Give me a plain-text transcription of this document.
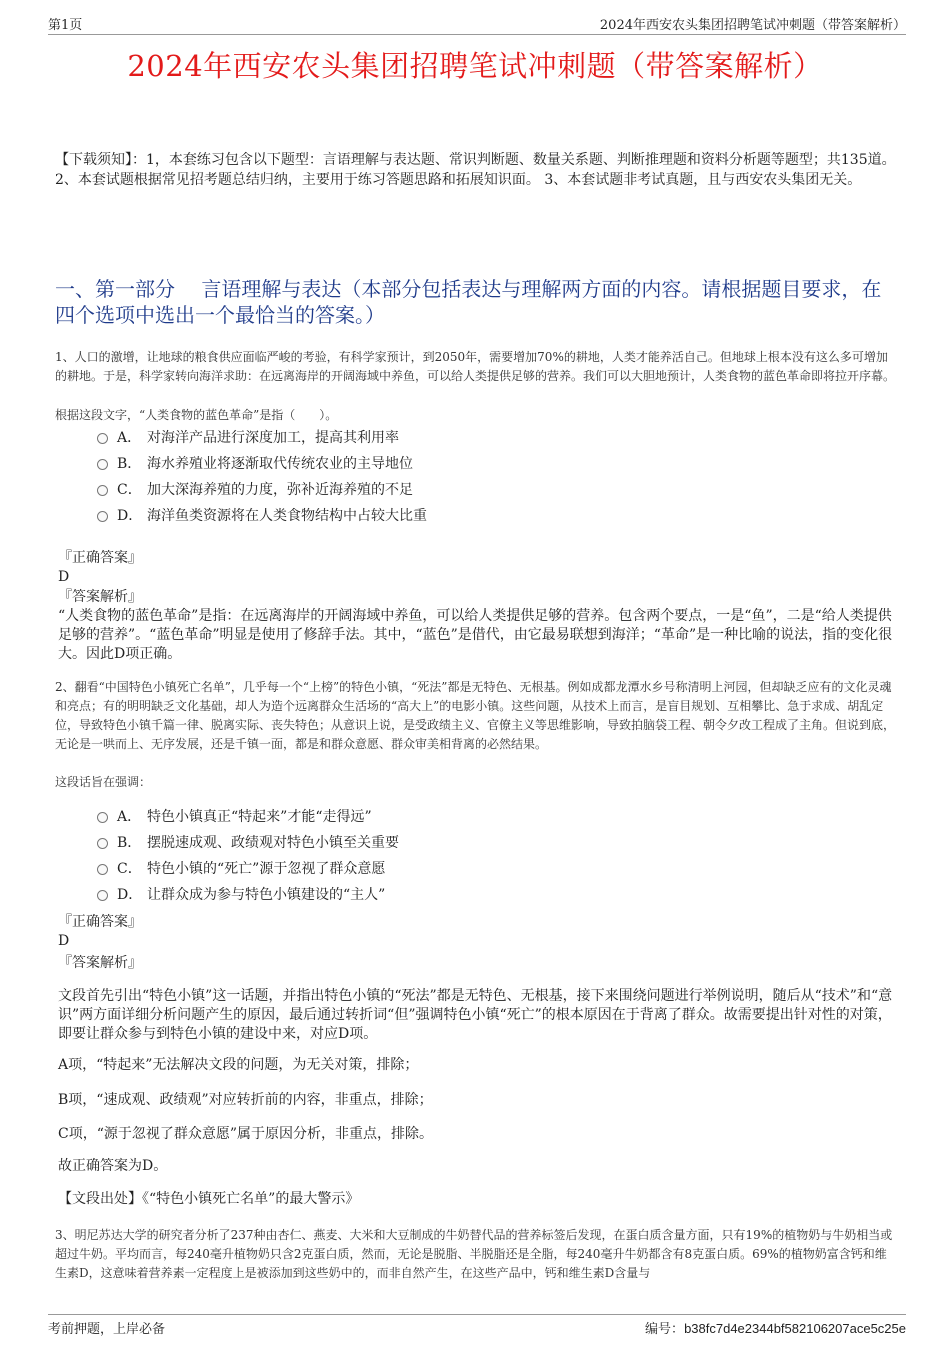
第1页	2024年西安农头集团招聘笔试冲刺题（带答案解析）
2024年西安农头集团招聘笔试冲刺题（带答案解析）
【下载须知】：1，本套练习包含以下题型：言语理解与表达题、常识判断题、数量关系题、判断推理题和资料分析题等题型；共135道。 2、本套试题根据常见招考题总结归纳，主要用于练习答题思路和拓展知识面。 3、本套试题非考试真题，且与西安农头集团无关。
一、第一部分　 言语理解与表达（本部分包括表达与理解两方面的内容。请根据题目要求，在四个选项中选出一个最恰当的答案。）
1、人口的激增，让地球的粮食供应面临严峻的考验，有科学家预计，到2050年，需要增加70%的耕地，人类才能养活自己。但地球上根本没有这么多可增加的耕地。于是，科学家转向海洋求助：在远离海岸的开阔海域中养鱼，可以给人类提供足够的营养。我们可以大胆地预计，人类食物的蓝色革命即将拉开序幕。
根据这段文字，“人类食物的蓝色革命”是指（　　）。
A． 对海洋产品进行深度加工，提高其利用率
B． 海水养殖业将逐渐取代传统农业的主导地位
C． 加大深海养殖的力度，弥补近海养殖的不足
D． 海洋鱼类资源将在人类食物结构中占较大比重
『正确答案』
D
『答案解析』
“人类食物的蓝色革命”是指：在远离海岸的开阔海域中养鱼，可以给人类提供足够的营养。包含两个要点，一是“鱼”，二是“给人类提供足够的营养”。“蓝色革命”明显是使用了修辞手法。其中，“蓝色”是借代，由它最易联想到海洋；“革命”是一种比喻的说法，指的变化很大。因此D项正确。
2、翻看“中国特色小镇死亡名单”，几乎每一个“上榜”的特色小镇，“死法”都是无特色、无根基。例如成都龙潭水乡号称清明上河园，但却缺乏应有的文化灵魂和亮点；有的明明缺乏文化基础，却人为造个远离群众生活场的“高大上”的电影小镇。这些问题，从技术上而言，是盲目规划、互相攀比、急于求成、胡乱定位，导致特色小镇千篇一律、脱离实际、丧失特色；从意识上说，是受政绩主义、官僚主义等思维影响，导致拍脑袋工程、朝令夕改工程成了主角。但说到底，无论是一哄而上、无序发展，还是千镇一面，都是和群众意愿、群众审美相背离的必然结果。
这段话旨在强调：
A． 特色小镇真正“特起来”才能“走得远”
B． 摆脱速成观、政绩观对特色小镇至关重要
C． 特色小镇的“死亡”源于忽视了群众意愿
D． 让群众成为参与特色小镇建设的“主人”
『正确答案』
D
『答案解析』
文段首先引出“特色小镇”这一话题，并指出特色小镇的“死法”都是无特色、无根基，接下来围绕问题进行举例说明，随后从“技术”和“意识”两方面详细分析问题产生的原因，最后通过转折词“但”强调特色小镇“死亡”的根本原因在于背离了群众。故需要提出针对性的对策，即要让群众参与到特色小镇的建设中来，对应D项。
A项，“特起来”无法解决文段的问题，为无关对策，排除；
B项，“速成观、政绩观”对应转折前的内容，非重点，排除；
C项，“源于忽视了群众意愿”属于原因分析，非重点，排除。
故正确答案为D。
【文段出处】《“特色小镇死亡名单”的最大警示》
3、明尼苏达大学的研究者分析了237种由杏仁、燕麦、大米和大豆制成的牛奶替代品的营养标签后发现，在蛋白质含量方面，只有19%的植物奶与牛奶相当或超过牛奶。平均而言，每240毫升植物奶只含2克蛋白质，然而，无论是脱脂、半脱脂还是全脂，每240毫升牛奶都含有8克蛋白质。69%的植物奶富含钙和维生素D，这意味着营养素一定程度上是被添加到这些奶中的，而非自然产生，在这些产品中，钙和维生素D含量与
考前押题，上岸必备	编号：b38fc7d4e2344bf582106207ace5c25e
